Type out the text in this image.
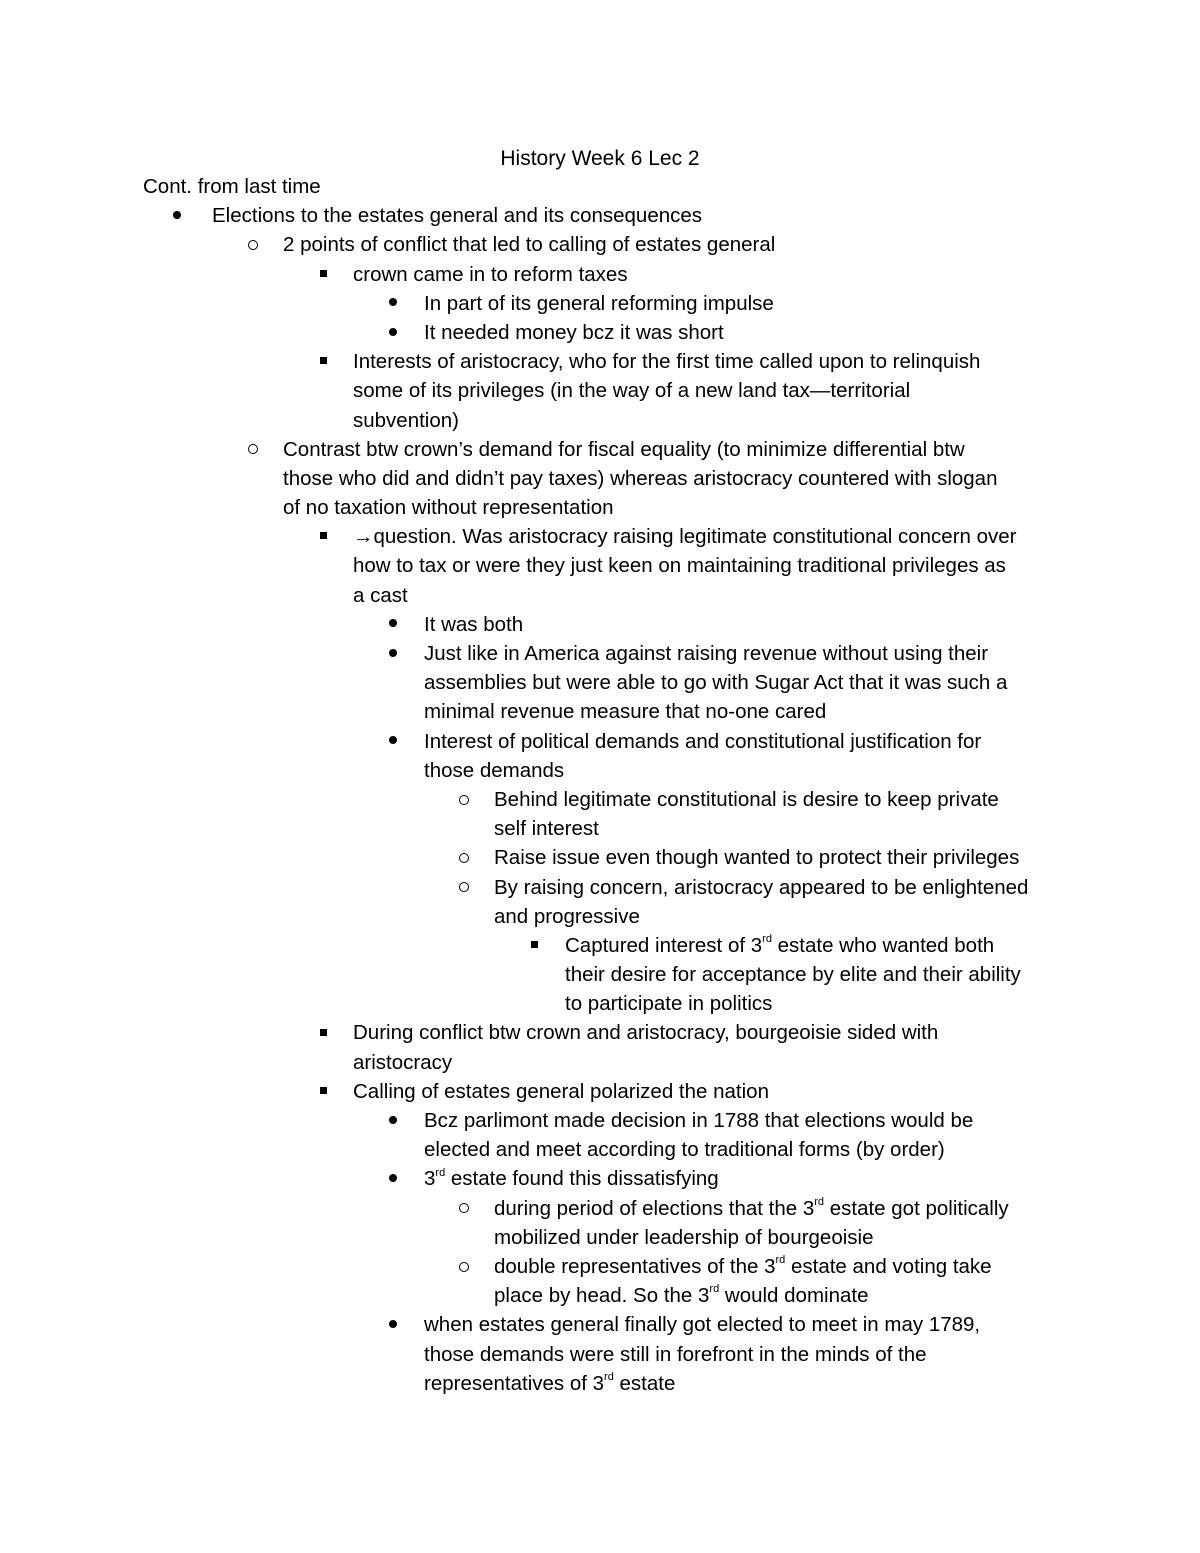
History Week 6 Lec 2
Cont. from last time
Elections to the estates general and its consequences
2 points of conflict that led to calling of estates general
crown came in to reform taxes
In part of its general reforming impulse
It needed money bcz it was short
Interests of aristocracy, who for the first time called upon to relinquish
some of its privileges (in the way of a new land tax—territorial
subvention)
Contrast btw crown’s demand for fiscal equality (to minimize differential btw
those who did and didn’t pay taxes) whereas aristocracy countered with slogan
of no taxation without representation
→question. Was aristocracy raising legitimate constitutional concern over
how to tax or were they just keen on maintaining traditional privileges as
a cast
It was both
Just like in America against raising revenue without using their
assemblies but were able to go with Sugar Act that it was such a
minimal revenue measure that no-one cared
Interest of political demands and constitutional justification for
those demands
Behind legitimate constitutional is desire to keep private
self interest
Raise issue even though wanted to protect their privileges
By raising concern, aristocracy appeared to be enlightened
and progressive
Captured interest of 3rd estate who wanted both
their desire for acceptance by elite and their ability
to participate in politics
During conflict btw crown and aristocracy, bourgeoisie sided with
aristocracy
Calling of estates general polarized the nation
Bcz parlimont made decision in 1788 that elections would be
elected and meet according to traditional forms (by order)
3rd estate found this dissatisfying
during period of elections that the 3rd estate got politically
mobilized under leadership of bourgeoisie
double representatives of the 3rd estate and voting take
place by head. So the 3rd would dominate
when estates general finally got elected to meet in may 1789,
those demands were still in forefront in the minds of the
representatives of 3rd estate
